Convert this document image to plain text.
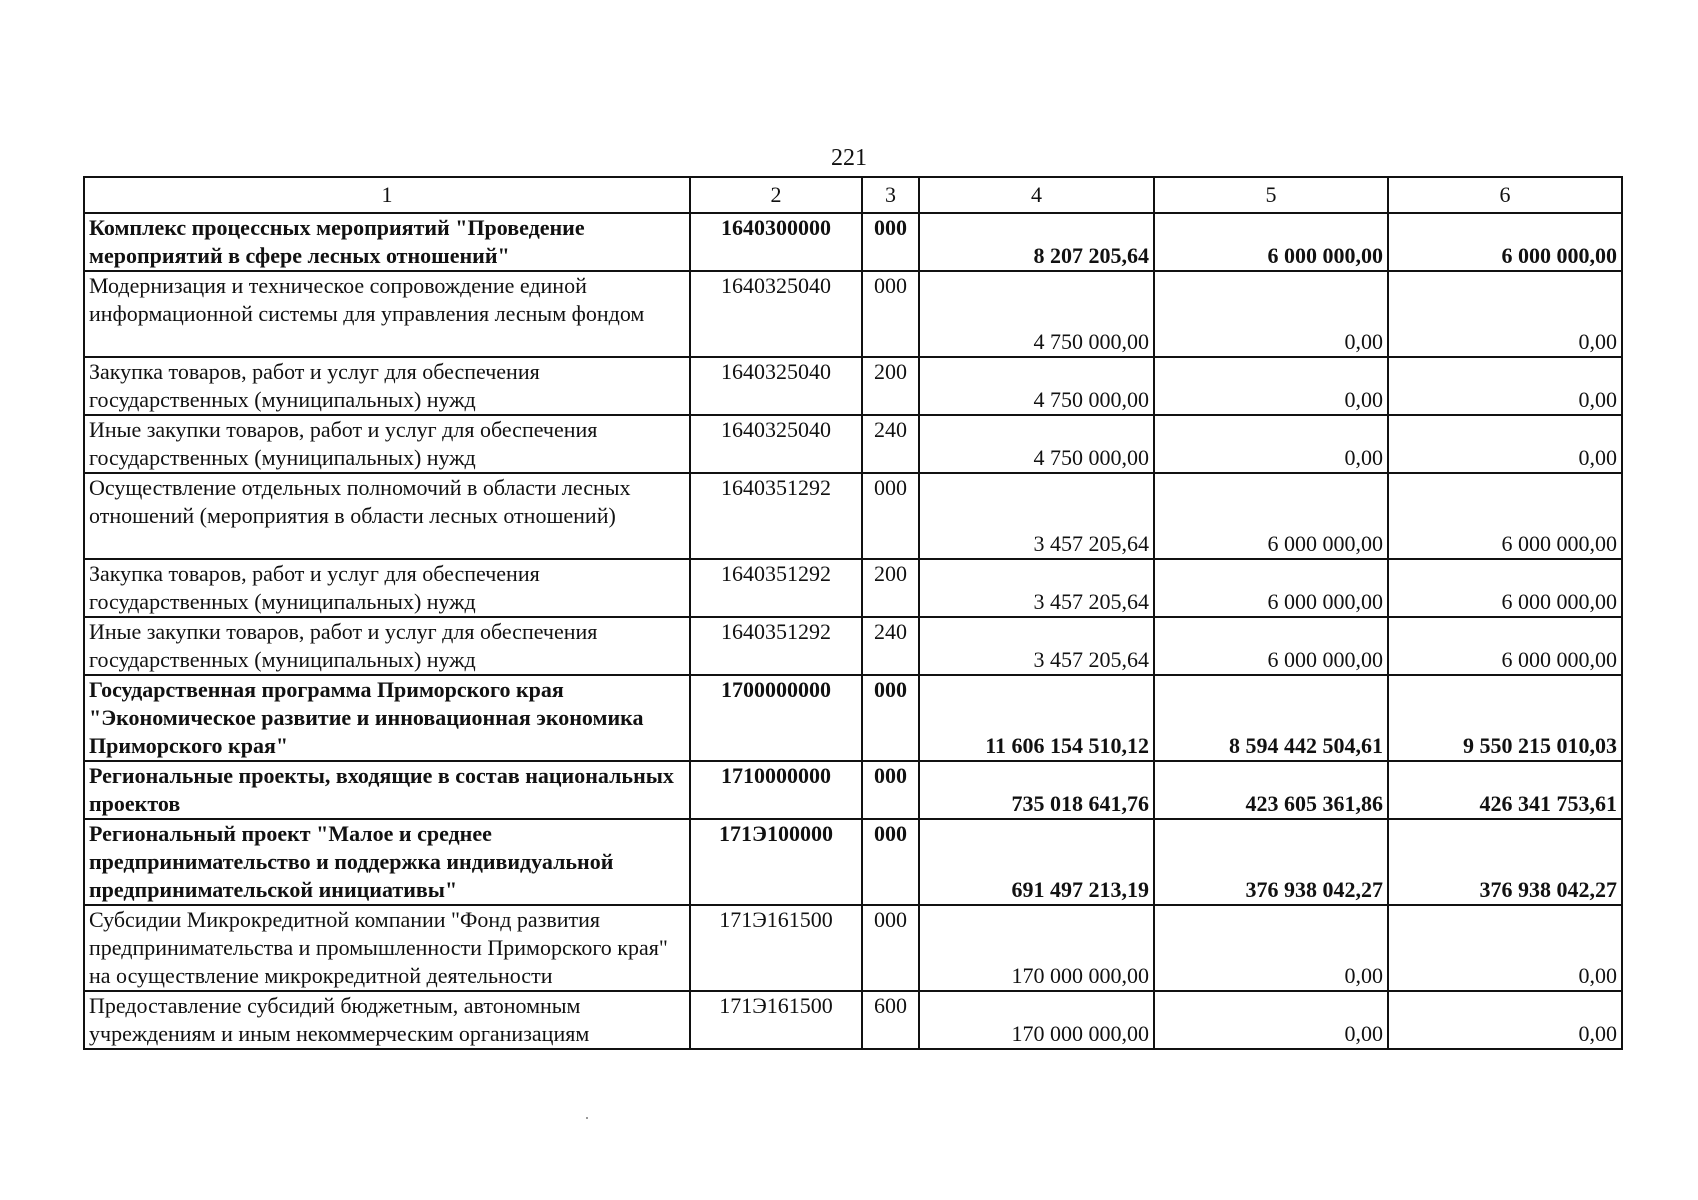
221
1	2	3	4	5	6
Комплекс процессных мероприятий "Проведение мероприятий в сфере лесных отношений"	1640300000	000	8 207 205,64	6 000 000,00	6 000 000,00
Модернизация и техническое сопровождение единой информационной системы для управления лесным фондом	1640325040	000	4 750 000,00	0,00	0,00
Закупка товаров, работ и услуг для обеспечения государственных (муниципальных) нужд	1640325040	200	4 750 000,00	0,00	0,00
Иные закупки товаров, работ и услуг для обеспечения государственных (муниципальных) нужд	1640325040	240	4 750 000,00	0,00	0,00
Осуществление отдельных полномочий в области лесных отношений (мероприятия в области лесных отношений)	1640351292	000	3 457 205,64	6 000 000,00	6 000 000,00
Закупка товаров, работ и услуг для обеспечения государственных (муниципальных) нужд	1640351292	200	3 457 205,64	6 000 000,00	6 000 000,00
Иные закупки товаров, работ и услуг для обеспечения государственных (муниципальных) нужд	1640351292	240	3 457 205,64	6 000 000,00	6 000 000,00
Государственная программа Приморского края "Экономическое развитие и инновационная экономика Приморского края"	1700000000	000	11 606 154 510,12	8 594 442 504,61	9 550 215 010,03
Региональные проекты, входящие в состав национальных проектов	1710000000	000	735 018 641,76	423 605 361,86	426 341 753,61
Региональный проект "Малое и среднее предпринимательство и поддержка индивидуальной предпринимательской инициативы"	171Э100000	000	691 497 213,19	376 938 042,27	376 938 042,27
Субсидии Микрокредитной компании "Фонд развития предпринимательства и промышленности Приморского края" на осуществление микрокредитной деятельности	171Э161500	000	170 000 000,00	0,00	0,00
Предоставление субсидий бюджетным, автономным учреждениям и иным некоммерческим организациям	171Э161500	600	170 000 000,00	0,00	0,00
